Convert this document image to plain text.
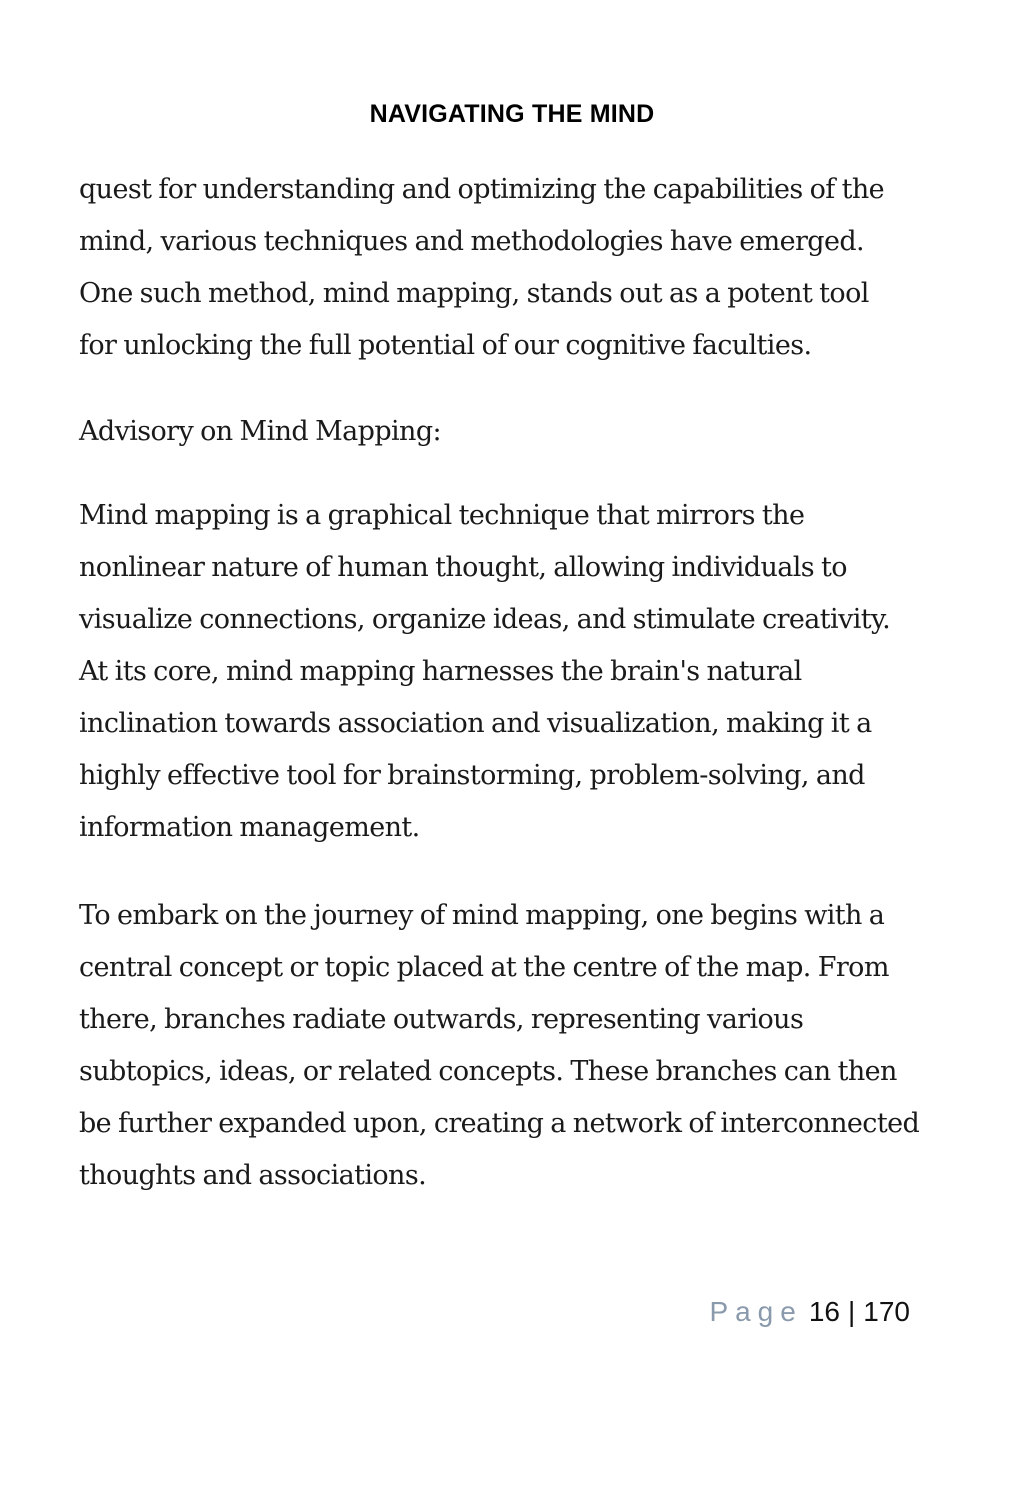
NAVIGATING THE MIND
quest for understanding and optimizing the capabilities of the
mind, various techniques and methodologies have emerged.
One such method, mind mapping, stands out as a potent tool
for unlocking the full potential of our cognitive faculties.
Advisory on Mind Mapping:
Mind mapping is a graphical technique that mirrors the
nonlinear nature of human thought, allowing individuals to
visualize connections, organize ideas, and stimulate creativity.
At its core, mind mapping harnesses the brain's natural
inclination towards association and visualization, making it a
highly effective tool for brainstorming, problem-solving, and
information management.
To embark on the journey of mind mapping, one begins with a
central concept or topic placed at the centre of the map. From
there, branches radiate outwards, representing various
subtopics, ideas, or related concepts. These branches can then
be further expanded upon, creating a network of interconnected
thoughts and associations.
Page 16 | 170
